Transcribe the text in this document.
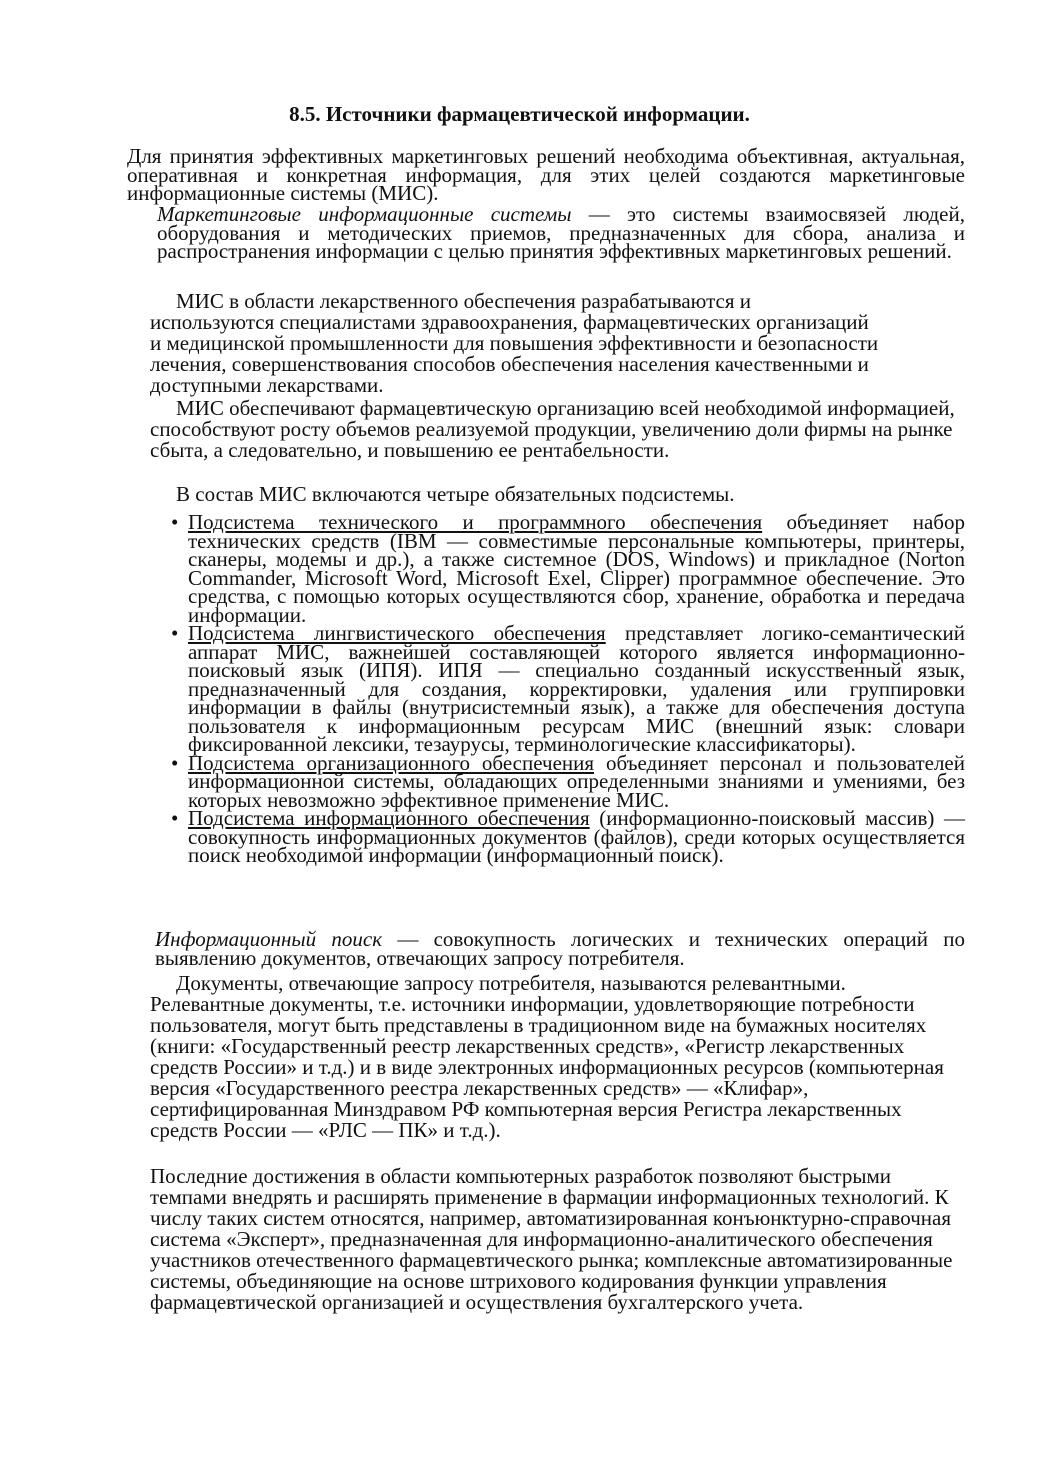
8.5. Источники фармацевтической информации.

Для принятия эффективных маркетинговых решений необходима объективная, актуальная, оперативная и конкретная информация, для этих целей создаются маркетинговые информационные системы (МИС).

Маркетинговые информационные системы — это системы взаимосвязей людей, оборудования и методических приемов, предназначенных для сбора, анализа и распространения информации с целью принятия эффективных маркетинговых решений.

МИС в области лекарственного обеспечения разрабатываются и используются специалистами здравоохранения, фармацевтических организаций и медицинской промышленности для повышения эффективности и безопасности лечения, совершенствования способов обеспечения населения качественными и доступными лекарствами.

МИС обеспечивают фармацевтическую организацию всей необходимой информацией, способствуют росту объемов реализуемой продукции, увеличению доли фирмы на рынке сбыта, а следовательно, и повышению ее рентабельности.

В состав МИС включаются четыре обязательных подсистемы.

• Подсистема технического и программного обеспечения объединяет набор технических средств (IBM — совместимые персональные компьютеры, принтеры, сканеры, модемы и др.), а также системное (DOS, Windows) и прикладное (Norton Commander, Microsoft Word, Microsoft Exel, Clipper) программное обеспечение. Это средства, с помощью которых осуществляются сбор, хранение, обработка и передача информации.
• Подсистема лингвистического обеспечения представляет логико-семантический аппарат МИС, важнейшей составляющей которого является информационно-поисковый язык (ИПЯ). ИПЯ — специально созданный искусственный язык, предназначенный для создания, корректировки, удаления или группировки информации в файлы (внутрисистемный язык), а также для обеспечения доступа пользователя к информационным ресурсам МИС (внешний язык: словари фиксированной лексики, тезаурусы, терминологические классификаторы).
• Подсистема организационного обеспечения объединяет персонал и пользователей информационной системы, обладающих определенными знаниями и умениями, без которых невозможно эффективное применение МИС.
• Подсистема информационного обеспечения (информационно-поисковый массив) — совокупность информационных документов (файлов), среди которых осуществляется поиск необходимой информации (информационный поиск).

Информационный поиск — совокупность логических и технических операций по выявлению документов, отвечающих запросу потребителя.

Документы, отвечающие запросу потребителя, называются релевантными. Релевантные документы, т.е. источники информации, удовлетворяющие потребности пользователя, могут быть представлены в традиционном виде на бумажных носителях (книги: «Государственный реестр лекарственных средств», «Регистр лекарственных средств России» и т.д.) и в виде электронных информационных ресурсов (компьютерная версия «Государственного реестра лекарственных средств» — «Клифар», сертифицированная Минздравом РФ компьютерная версия Регистра лекарственных средств России — «РЛС — ПК» и т.д.).

Последние достижения в области компьютерных разработок позволяют быстрыми темпами внедрять и расширять применение в фармации информационных технологий. К числу таких систем относятся, например, автоматизированная конъюнктурно-справочная система «Эксперт», предназначенная для информационно-аналитического обеспечения участников отечественного фармацевтического рынка; комплексные автоматизированные системы, объединяющие на основе штрихового кодирования функции управления фармацевтической организацией и осуществления бухгалтерского учета.
